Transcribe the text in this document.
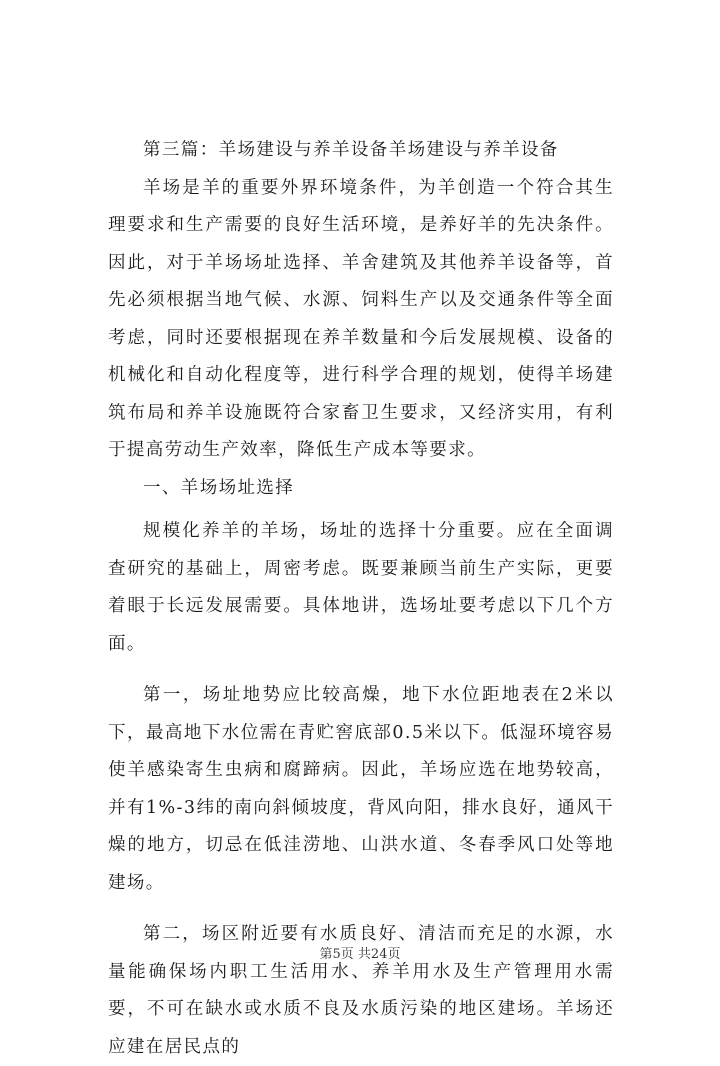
第三篇：羊场建设与养羊设备羊场建设与养羊设备

羊场是羊的重要外界环境条件，为羊创造一个符合其生理要求和生产需要的良好生活环境，是养好羊的先决条件。因此，对于羊场场址选择、羊舍建筑及其他养羊设备等，首先必须根据当地气候、水源、饲料生产以及交通条件等全面考虑，同时还要根据现在养羊数量和今后发展规模、设备的机械化和自动化程度等，进行科学合理的规划，使得羊场建筑布局和养羊设施既符合家畜卫生要求，又经济实用，有利于提高劳动生产效率，降低生产成本等要求。

一、羊场场址选择

规模化养羊的羊场，场址的选择十分重要。应在全面调查研究的基础上，周密考虑。既要兼顾当前生产实际，更要着眼于长远发展需要。具体地讲，选场址要考虑以下几个方面。

第一，场址地势应比较高燥，地下水位距地表在2米以下，最高地下水位需在青贮窖底部0.5米以下。低湿环境容易使羊感染寄生虫病和腐蹄病。因此，羊场应选在地势较高，并有1%-3纬的南向斜倾坡度，背风向阳，排水良好，通风干燥的地方，切忌在低洼涝地、山洪水道、冬春季风口处等地建场。

第二，场区附近要有水质良好、清洁而充足的水源，水量能确保场内职工生活用水、养羊用水及生产管理用水需要，不可在缺水或水质不良及水质污染的地区建场。羊场还应建在居民点的

第5页 共24页
